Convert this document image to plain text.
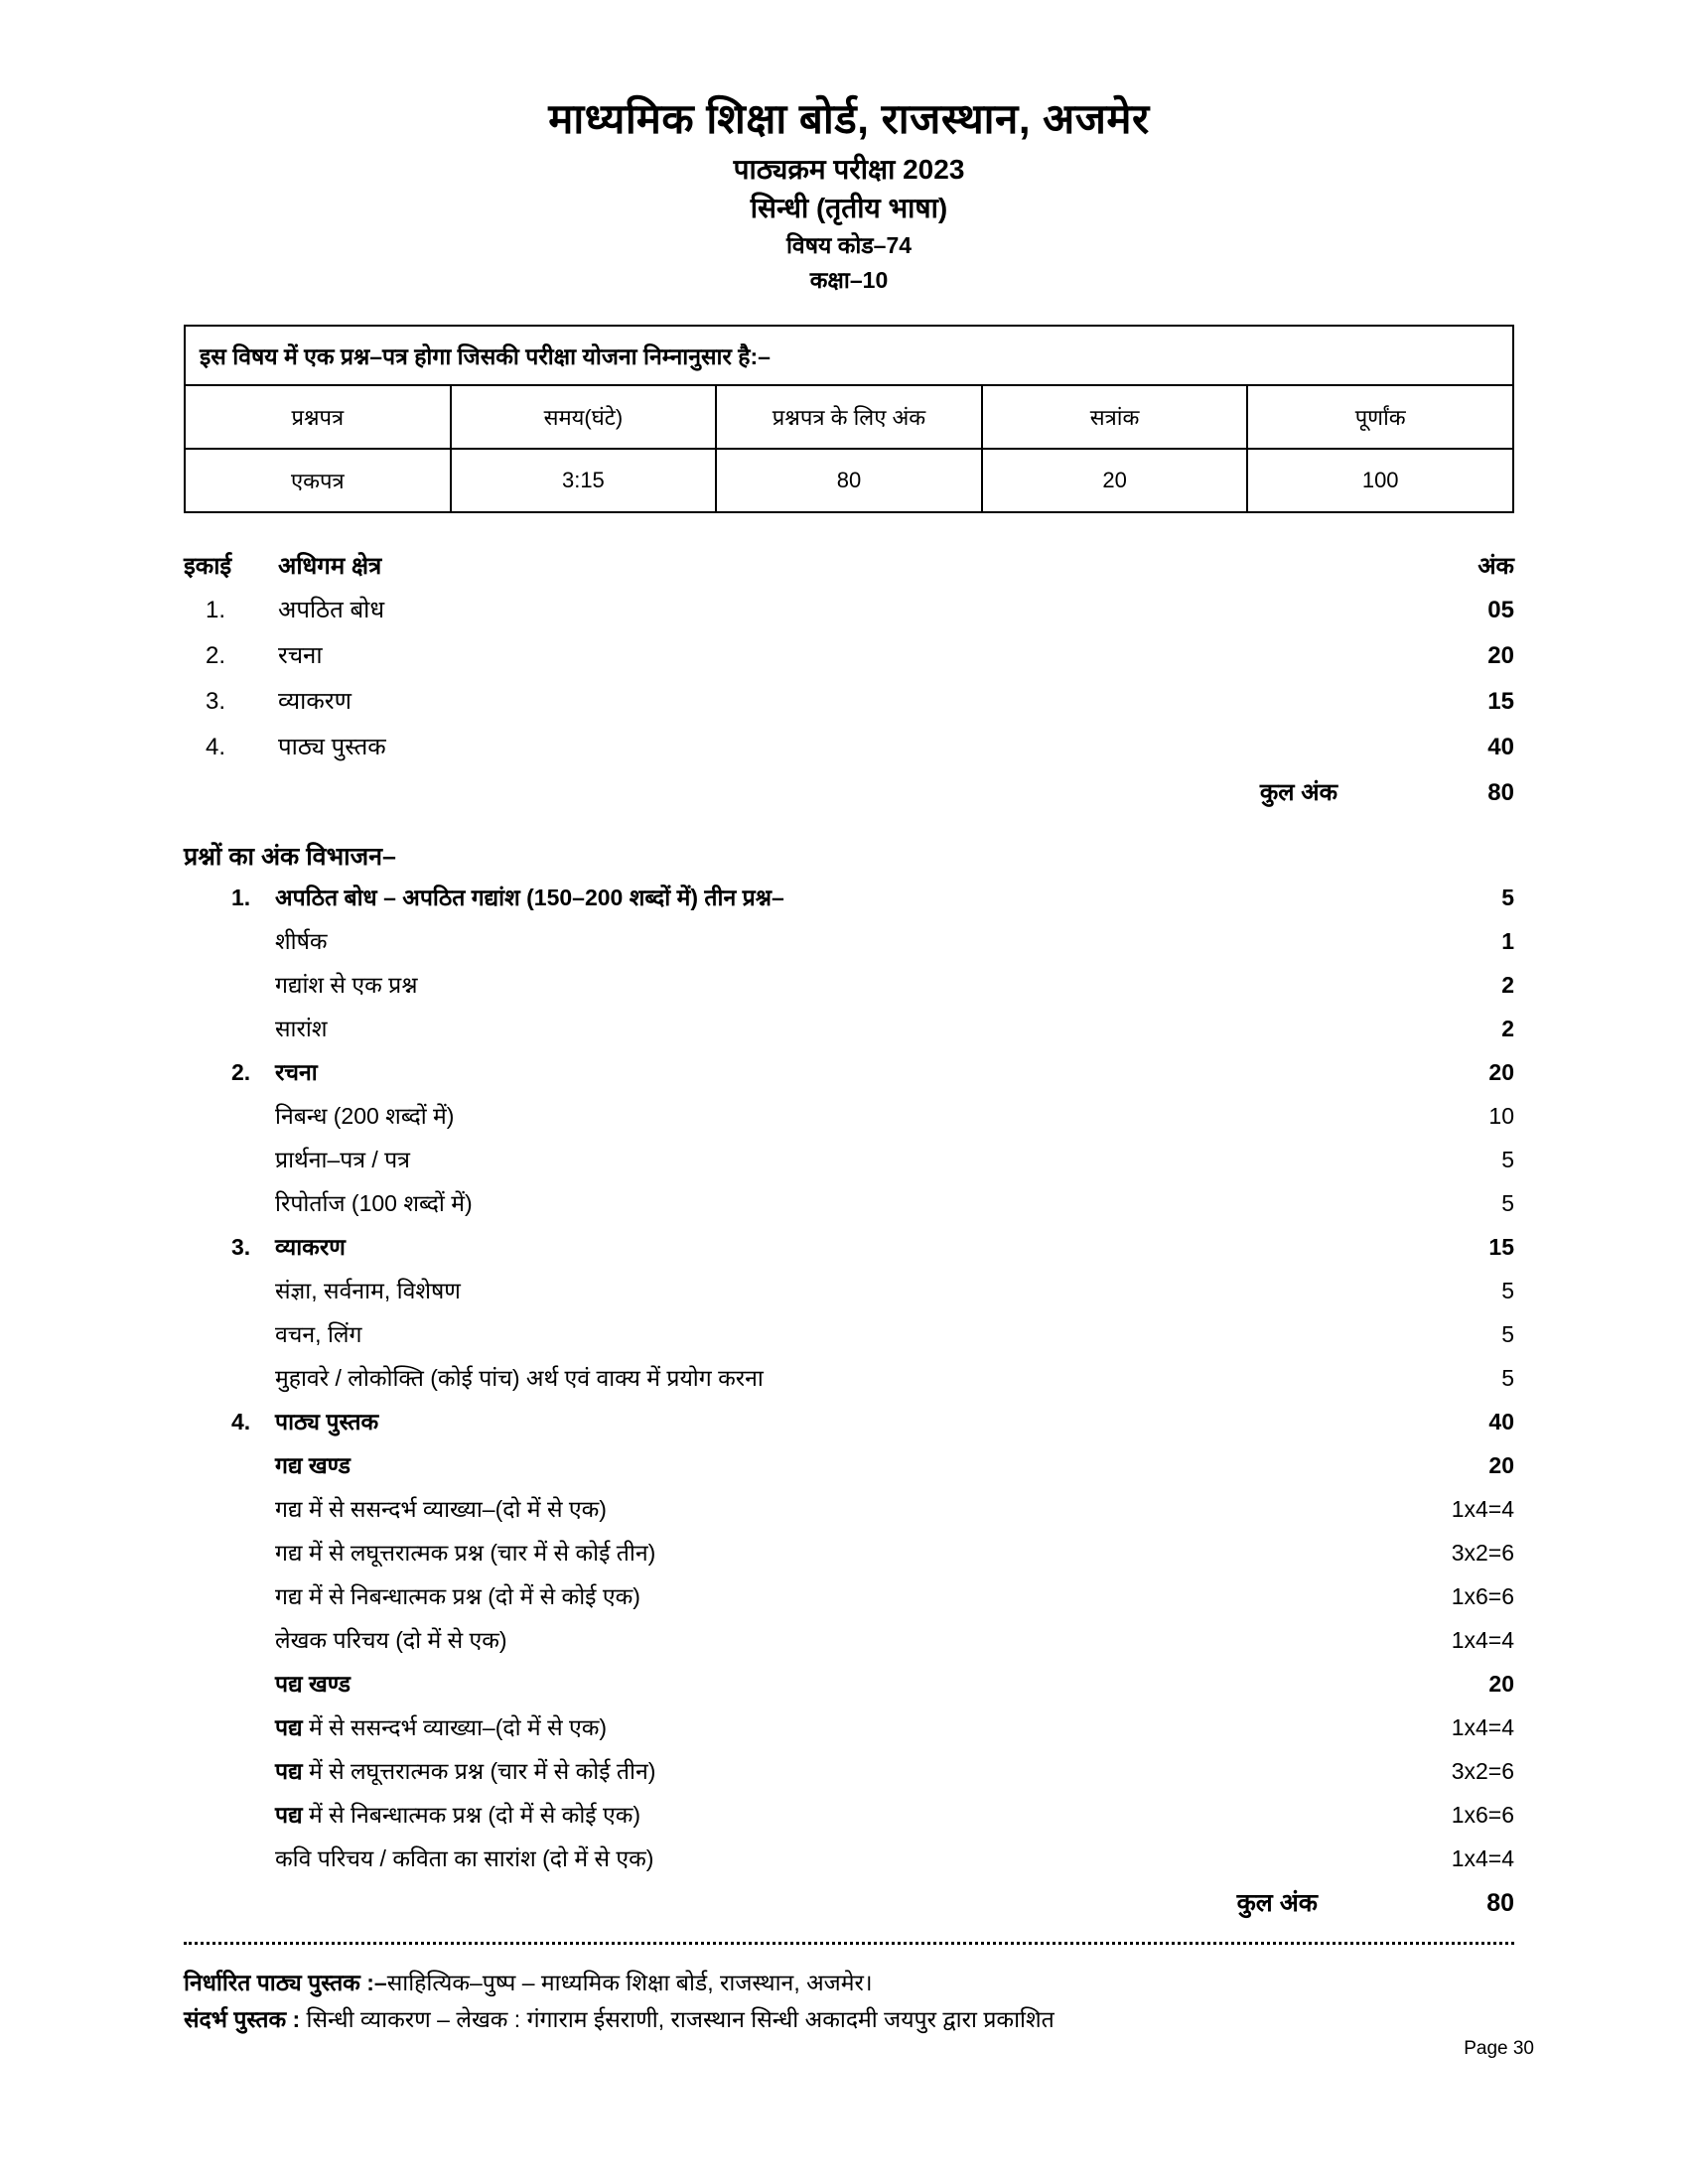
माध्यमिक शिक्षा बोर्ड, राजस्थान, अजमेर
पाठ्यक्रम परीक्षा 2023
सिन्धी (तृतीय भाषा)
विषय कोड–74
कक्षा–10
इस विषय में एक प्रश्न–पत्र होगा जिसकी परीक्षा योजना निम्नानुसार है:–				
प्रश्नपत्र	समय(घंटे)	प्रश्नपत्र के लिए अंक	सत्रांक	पूर्णांक
एकपत्र	3:15	80	20	100
इकाई	अधिगम क्षेत्र	अंक
1.	अपठित बोध	05
2.	रचना	20
3.	व्याकरण	15
4.	पाठ्य पुस्तक	40
कुल अंक	80
प्रश्नों का अंक विभाजन–
1.	अपठित बोध – अपठित गद्यांश (150–200 शब्दों में) तीन प्रश्न–	5
शीर्षक	1
गद्यांश से एक प्रश्न	2
सारांश	2
2.	रचना	20
निबन्ध (200 शब्दों में)	10
प्रार्थना–पत्र / पत्र	5
रिपोर्ताज (100 शब्दों में)	5
3.	व्याकरण	15
संज्ञा, सर्वनाम, विशेषण	5
वचन, लिंग	5
मुहावरे / लोकोक्ति (कोई पांच) अर्थ एवं वाक्य में प्रयोग करना	5
4.	पाठ्य पुस्तक	40
गद्य खण्ड	20
गद्य में से ससन्दर्भ व्याख्या–(दो में से एक)	1x4=4
गद्य में से लघूत्तरात्मक प्रश्न (चार में से कोई तीन)	3x2=6
गद्य में से निबन्धात्मक प्रश्न (दो में से कोई एक)	1x6=6
लेखक परिचय (दो में से एक)	1x4=4
पद्य खण्ड	20
पद्य में से ससन्दर्भ व्याख्या–(दो में से एक)	1x4=4
पद्य में से लघूत्तरात्मक प्रश्न (चार में से कोई तीन)	3x2=6
पद्य में से निबन्धात्मक प्रश्न (दो में से कोई एक)	1x6=6
कवि परिचय / कविता का सारांश (दो में से एक)	1x4=4
कुल अंक	80
निर्धारित पाठ्य पुस्तक :–साहित्यिक–पुष्प – माध्यमिक शिक्षा बोर्ड, राजस्थान, अजमेर।
संदर्भ पुस्तक : सिन्धी व्याकरण – लेखक : गंगाराम ईसराणी, राजस्थान सिन्धी अकादमी जयपुर द्वारा प्रकाशित
Page 30
